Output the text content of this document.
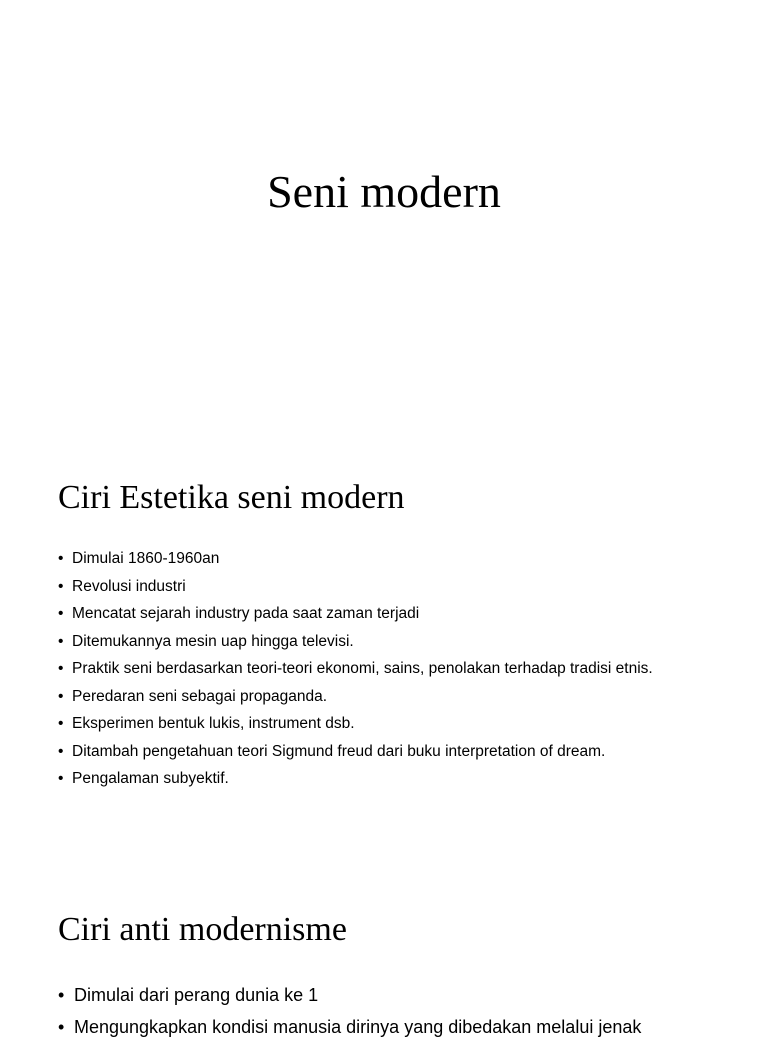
Seni modern
Ciri Estetika seni modern
• Dimulai 1860-1960an
• Revolusi industri
• Mencatat sejarah industry pada saat zaman terjadi
• Ditemukannya mesin uap hingga televisi.
• Praktik seni berdasarkan teori-teori ekonomi, sains, penolakan terhadap tradisi etnis.
• Peredaran seni sebagai propaganda.
• Eksperimen bentuk lukis, instrument dsb.
• Ditambah pengetahuan teori Sigmund freud dari buku interpretation of dream.
• Pengalaman subyektif.
Ciri anti modernisme
• Dimulai dari perang dunia ke 1
• Mengungkapkan kondisi manusia dirinya yang dibedakan melalui jenak
